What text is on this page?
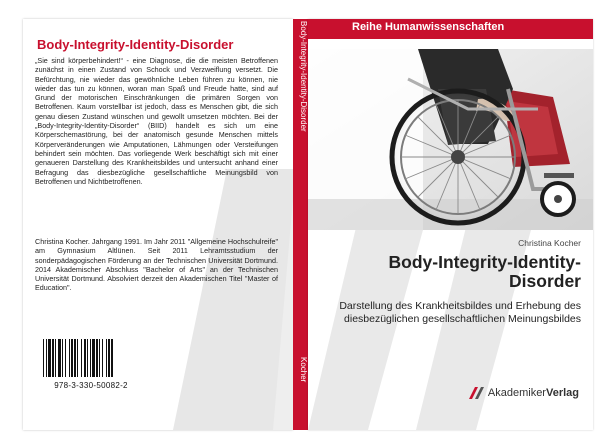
Body-Integrity-Identity-Disorder

„Sie sind körperbehindert!“ - eine Diagnose, die die meisten Betroffenen zunächst in einen Zustand von Schock und Verzweiflung versetzt. Die Befürchtung, nie wieder das gewöhnliche Leben führen zu können, nie wieder das tun zu können, woran man Spaß und Freude hatte, sind auf Grund der motorischen Einschränkungen die primären Sorgen von Betroffenen. Kaum vorstellbar ist jedoch, dass es Menschen gibt, die sich genau diesen Zustand wünschen und gewollt umsetzen möchten. Bei der „Body-Integrity-Identity-Disorder“ (BIID) handelt es sich um eine Körperschemastörung, bei der anatomisch gesunde Menschen mittels Körperveränderungen wie Amputationen, Lähmungen oder Versteifungen behindert sein möchten. Das vorliegende Werk beschäftigt sich mit einer genaueren Darstellung des Krankheitsbildes und untersucht anhand einer Befragung das diesbezügliche gesellschaftliche Meinungsbild von Betroffenen und Nichtbetroffenen.

Christina Kocher. Jahrgang 1991. Im Jahr 2011 "Allgemeine Hochschulreife" am Gymnasium Altlünen. Seit 2011 Lehramtsstudium der sonderpädagogischen Förderung an der Technischen Universität Dortmund. 2014 Akademischer Abschluss "Bachelor of Arts" an der Technischen Universität Dortmund. Absolviert derzeit den Akademischen Titel "Master of Education".

978-3-330-50082-2
Body-Integrity-Identity-Disorder
Kocher
Reihe Humanwissenschaften

Christina Kocher

Body-Integrity-Identity-Disorder

Darstellung des Krankheitsbildes und Erhebung des diesbezüglichen gesellschaftlichen Meinungsbildes

AkademikerVerlag
